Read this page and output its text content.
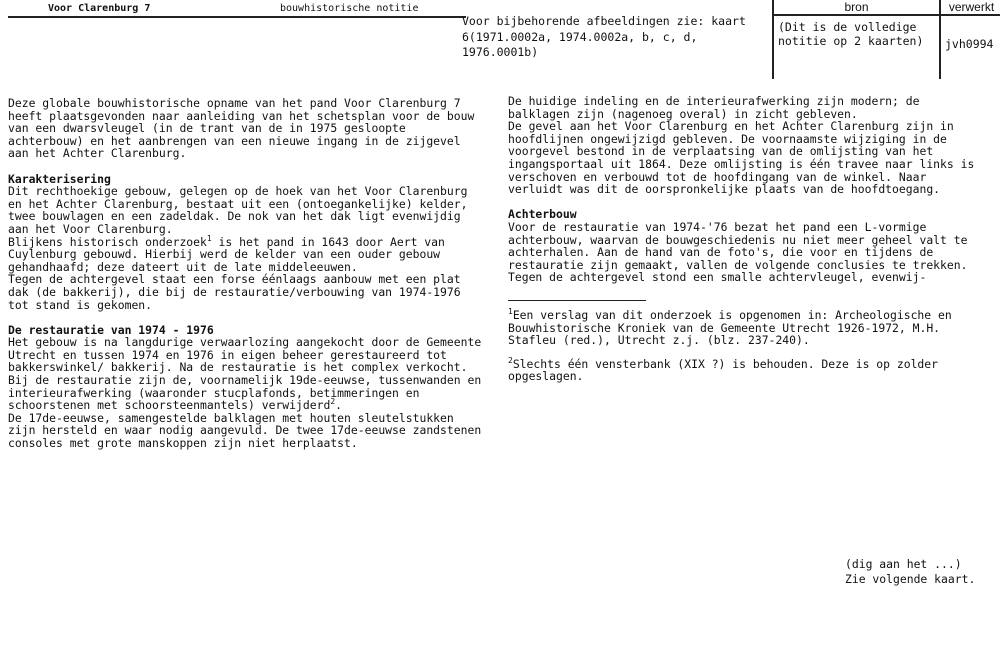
Voor Clarenburg 7	bouwhistorische notitie
Voor bijbehorende afbeeldingen zie: kaart 6(1971.0002a, 1974.0002a, b, c, d, 1976.0001b)
bron	verwerkt
(Dit is de volledige notitie op 2 kaarten)	jvh0994

Deze globale bouwhistorische opname van het pand Voor Clarenburg 7 heeft plaatsgevonden naar aanleiding van het schetsplan voor de bouw van een dwarsvleugel (in de trant van de in 1975 gesloopte achterbouw) en het aanbrengen van een nieuwe ingang in de zijgevel aan het Achter Clarenburg.

Karakterisering

Dit rechthoekige gebouw, gelegen op de hoek van het Voor Clarenburg en het Achter Clarenburg, bestaat uit een (ontoegankelijke) kelder, twee bouwlagen en een zadeldak. De nok van het dak ligt evenwijdig aan het Voor Clarenburg.

Blijkens historisch onderzoek$^1$ is het pand in 1643 door Aert van Cuylenburg gebouwd. Hierbij werd de kelder van een ouder gebouw gehandhaafd; deze dateert uit de late middeleeuwen.

Tegen de achtergevel staat een forse éénlaags aanbouw met een plat dak (de bakkerij), die bij de restauratie/verbouwing van 1974-1976 tot stand is gekomen.

De restauratie van 1974 - 1976

Het gebouw is na langdurige verwaarlozing aangekocht door de Gemeente Utrecht en tussen 1974 en 1976 in eigen beheer gerestaureerd tot bakkerswinkel/ bakkerij. Na de restauratie is het complex verkocht.

Bij de restauratie zijn de, voornamelijk 19de-eeuwse, tussenwanden en interieurafwerking (waaronder stucplafonds, betimmeringen en schoorstenen met schoorsteenmantels) verwijderd$^2$.

De 17de-eeuwse, samengestelde balklagen met houten sleutelstukken zijn hersteld en waar nodig aangevuld. De twee 17de-eeuwse zandstenen consoles met grote manskoppen zijn niet herplaatst.

De huidige indeling en de interieurafwerking zijn modern; de balklagen zijn (nagenoeg overal) in zicht gebleven.

De gevel aan het Voor Clarenburg en het Achter Clarenburg zijn in hoofdlijnen ongewijzigd gebleven. De voornaamste wijziging in de voorgevel bestond in de verplaatsing van de omlijsting van het ingangsportaal uit 1864. Deze omlijsting is één travee naar links is verschoven en verbouwd tot de hoofdingang van de winkel. Naar verluidt was dit de oorspronkelijke plaats van de hoofdtoegang.

Achterbouw

Voor de restauratie van 1974-'76 bezat het pand een L-vormige achterbouw, waarvan de bouwgeschiedenis nu niet meer geheel valt te achterhalen. Aan de hand van de foto's, die voor en tijdens de restauratie zijn gemaakt, vallen de volgende conclusies te trekken.

Tegen de achtergevel stond een smalle achtervleugel, evenwij-

$^1$Een verslag van dit onderzoek is opgenomen in: Archeologische en Bouwhistorische Kroniek van de Gemeente Utrecht 1926-1972, M.H. Stafleu (red.), Utrecht z.j. (blz. 237-240).

$^2$Slechts één vensterbank (XIX ?) is behouden. Deze is op zolder opgeslagen.

(dig aan het ...)
Zie volgende kaart.
